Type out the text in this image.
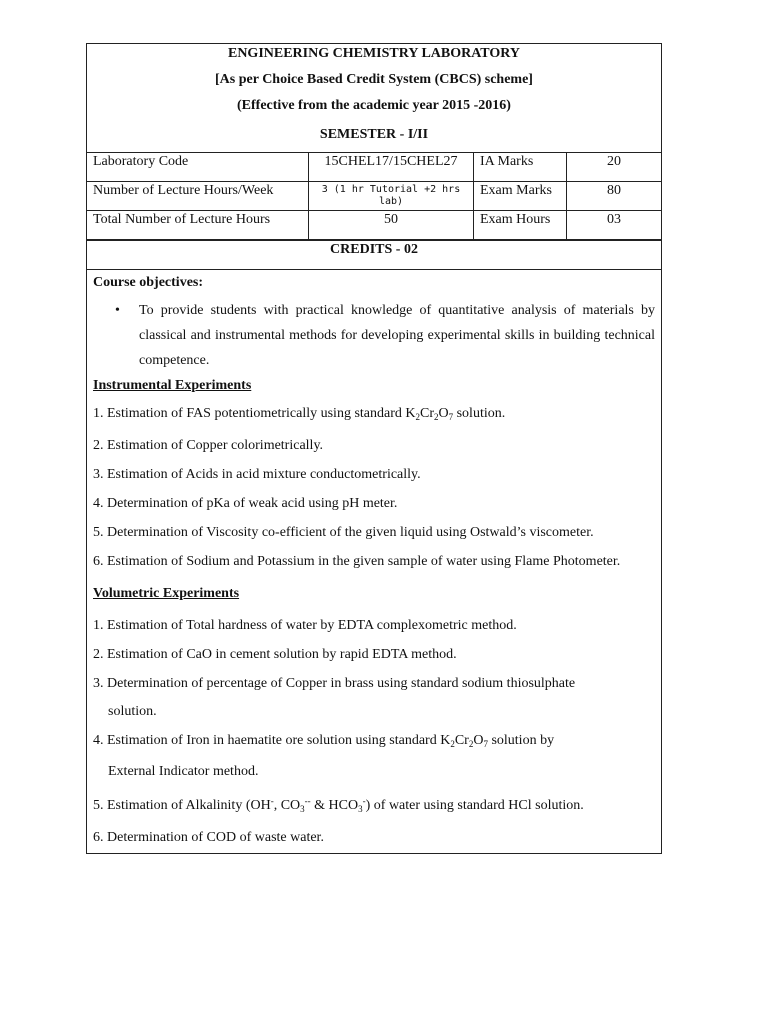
ENGINEERING CHEMISTRY LABORATORY
[As per Choice Based Credit System (CBCS) scheme]
(Effective from the academic year 2015 -2016)
SEMESTER - I/II
Laboratory Code	15CHEL17/15CHEL27	IA Marks	20
Number of Lecture Hours/Week	3 (1 hr Tutorial +2 hrs lab)	Exam Marks	80
Total Number of Lecture Hours	50	Exam Hours	03
CREDITS - 02
Course objectives:
•	To provide students with practical knowledge of quantitative analysis of materials by classical and instrumental methods for developing experimental skills in building technical competence.
Instrumental Experiments
1. Estimation of FAS potentiometrically using standard $K_2Cr_2O_7$ solution.
2. Estimation of Copper colorimetrically.
3. Estimation of Acids in acid mixture conductometrically.
4. Determination of pKa of weak acid using pH meter.
5. Determination of Viscosity co-efficient of the given liquid using Ostwald’s viscometer.
6. Estimation of Sodium and Potassium in the given sample of water using Flame Photometer.
Volumetric Experiments
1. Estimation of Total hardness of water by EDTA complexometric method.
2. Estimation of CaO in cement solution by rapid EDTA method.
3. Determination of percentage of Copper in brass using standard sodium thiosulphate
solution.
4. Estimation of Iron in haematite ore solution using standard $K_2Cr_2O_7$ solution by
External Indicator method.
5. Estimation of Alkalinity (OH-, $CO_3^{--}$ & $HCO_3^-$) of water using standard HCl solution.
6. Determination of COD of waste water.
